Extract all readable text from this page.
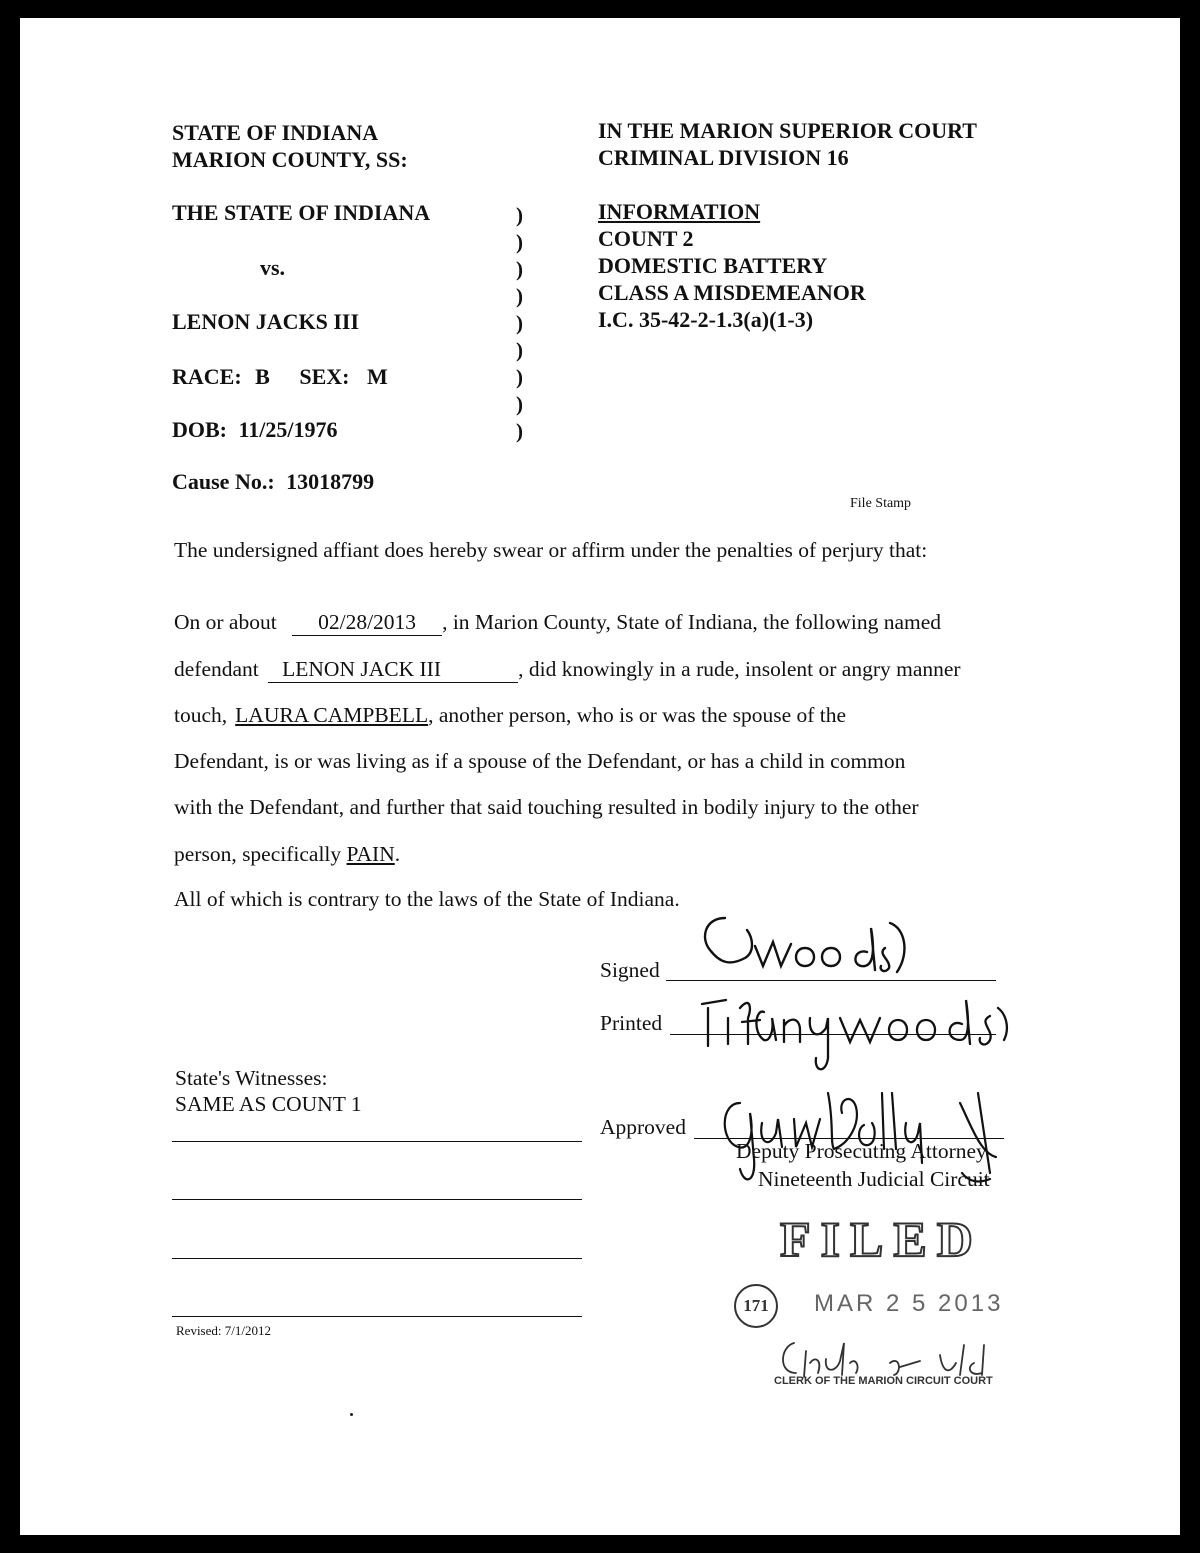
STATE OF INDIANA
MARION COUNTY, SS:
IN THE MARION SUPERIOR COURT
CRIMINAL DIVISION 16
THE STATE OF INDIANA
vs.
LENON JACKS III
RACE: B SEX: M
DOB: 11/25/1976
Cause No.: 13018799
)
)
)
)
)
)
)
)
)
INFORMATION
COUNT 2
DOMESTIC BATTERY
CLASS A MISDEMEANOR
I.C. 35-42-2-1.3(a)(1-3)
File Stamp
The undersigned affiant does hereby swear or affirm under the penalties of perjury that:
On or about 02/28/2013 , in Marion County, State of Indiana, the following named
defendant LENON JACK III	, did knowingly in a rude, insolent or angry manner
touch, LAURA CAMPBELL, another person, who is or was the spouse of the
Defendant, is or was living as if a spouse of the Defendant, or has a child in common
with the Defendant, and further that said touching resulted in bodily injury to the other
person, specifically PAIN.
All of which is contrary to the laws of the State of Indiana.
Signed
Printed
Approved
Deputy Prosecuting Attorney
Nineteenth Judicial Circuit
State's Witnesses:
SAME AS COUNT 1
Revised: 7/1/2012
FILED
171	MAR 2 5 2013
CLERK OF THE MARION CIRCUIT COURT
